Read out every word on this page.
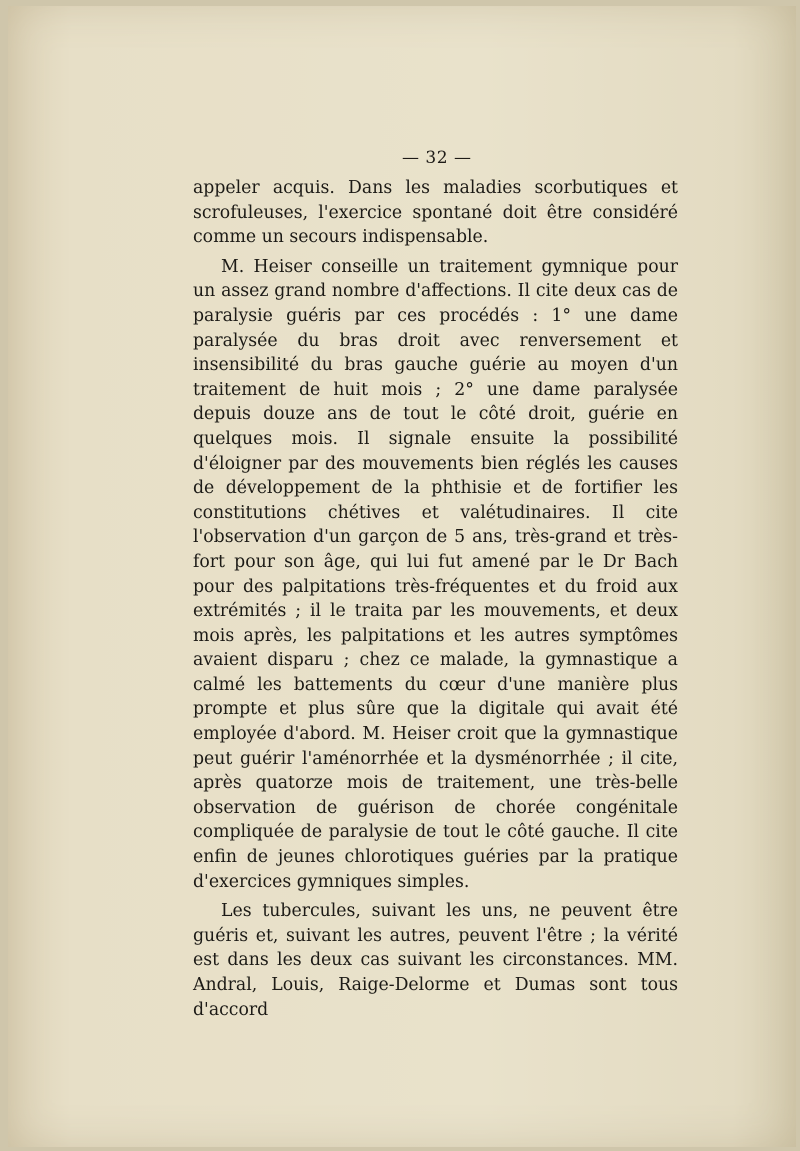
— 32 —

appeler acquis. Dans les maladies scorbutiques et scrofuleuses, l'exercice spontané doit être considéré comme un secours indispensable.

M. Heiser conseille un traitement gymnique pour un assez grand nombre d'affections. Il cite deux cas de paralysie guéris par ces procédés : 1° une dame paralysée du bras droit avec renversement et insensibilité du bras gauche guérie au moyen d'un traitement de huit mois ; 2° une dame paralysée depuis douze ans de tout le côté droit, guérie en quelques mois. Il signale ensuite la possibilité d'éloigner par des mouvements bien réglés les causes de développement de la phthisie et de fortifier les constitutions chétives et valétudinaires. Il cite l'observation d'un garçon de 5 ans, très-grand et très-fort pour son âge, qui lui fut amené par le Dr Bach pour des palpitations très-fréquentes et du froid aux extrémités ; il le traita par les mouvements, et deux mois après, les palpitations et les autres symptômes avaient disparu ; chez ce malade, la gymnastique a calmé les battements du cœur d'une manière plus prompte et plus sûre que la digitale qui avait été employée d'abord. M. Heiser croit que la gymnastique peut guérir l'aménorrhée et la dysménorrhée ; il cite, après quatorze mois de traitement, une très-belle observation de guérison de chorée congénitale compliquée de paralysie de tout le côté gauche. Il cite enfin de jeunes chlorotiques guéries par la pratique d'exercices gymniques simples.

Les tubercules, suivant les uns, ne peuvent être guéris et, suivant les autres, peuvent l'être ; la vérité est dans les deux cas suivant les circonstances. MM. Andral, Louis, Raige-Delorme et Dumas sont tous d'accord
